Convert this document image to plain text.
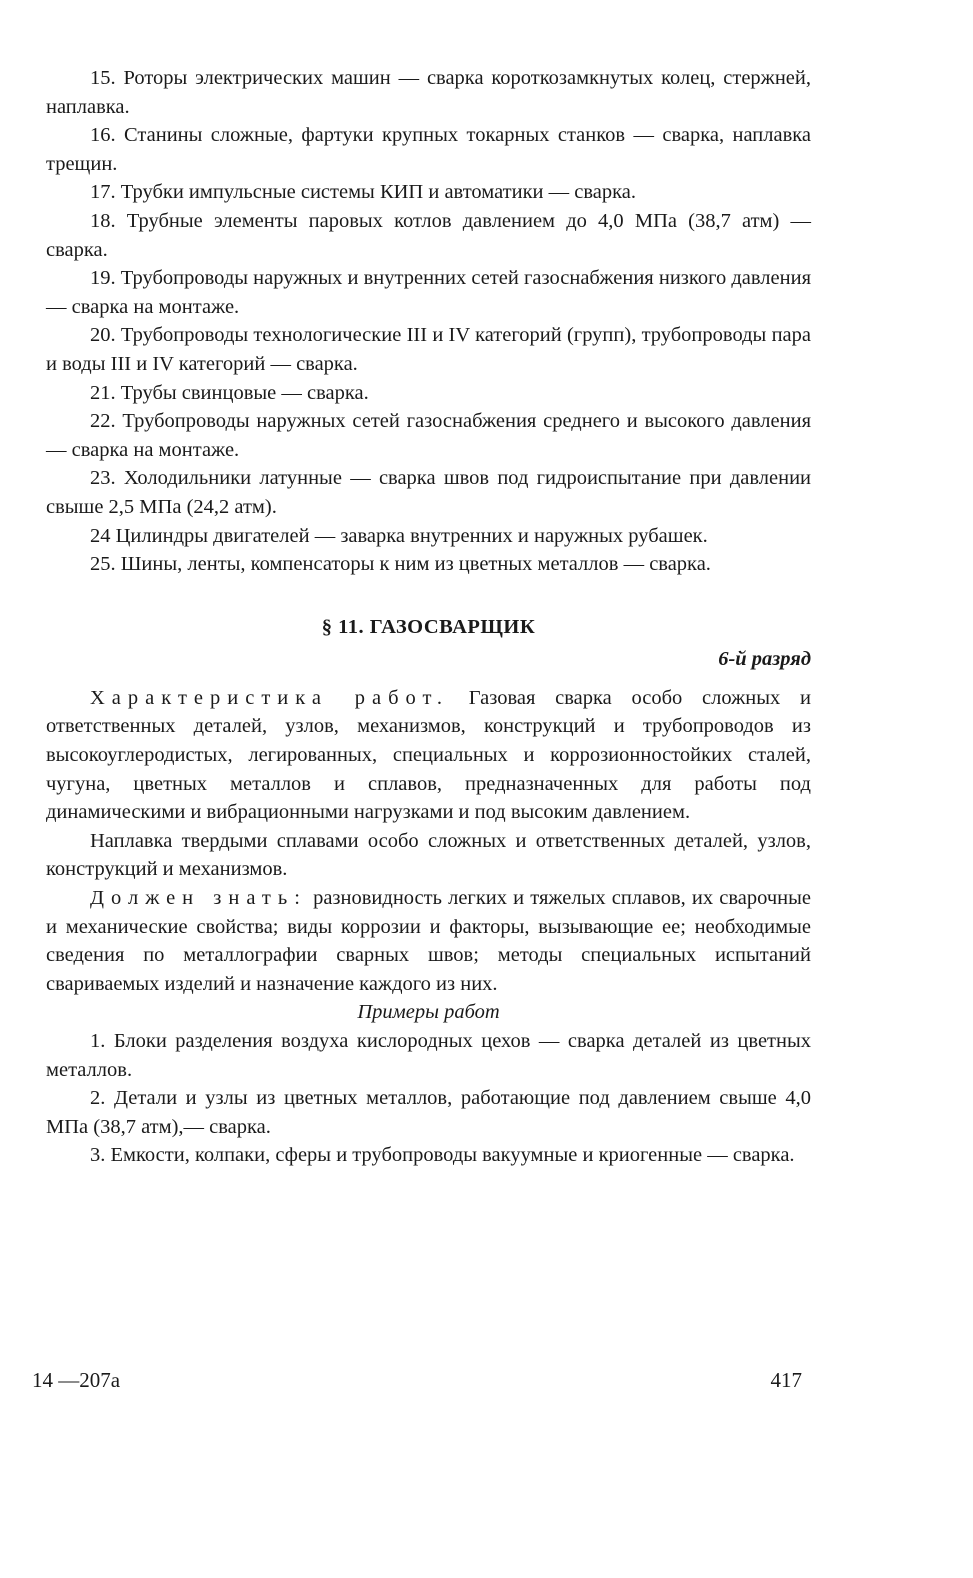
15. Роторы электрических машин — сварка короткозамкнутых колец, стержней, наплавка.

16. Станины сложные, фартуки крупных токарных станков — сварка, наплавка трещин.

17. Трубки импульсные системы КИП и автоматики — сварка.

18. Трубные элементы паровых котлов давлением до 4,0 МПа (38,7 атм) — сварка.

19. Трубопроводы наружных и внутренних сетей газоснабжения низкого давления — сварка на монтаже.

20. Трубопроводы технологические III и IV категорий (групп), трубопроводы пара и воды III и IV категорий — сварка.

21. Трубы свинцовые — сварка.

22. Трубопроводы наружных сетей газоснабжения среднего и высокого давления — сварка на монтаже.

23. Холодильники латунные — сварка швов под гидроиспытание при давлении свыше 2,5 МПа (24,2 атм).

24 Цилиндры двигателей — заварка внутренних и наружных рубашек.

25. Шины, ленты, компенсаторы к ним из цветных металлов — сварка.

§ 11. ГАЗОСВАРЩИК

6-й разряд

Характеристика работ. Газовая сварка особо сложных и ответственных деталей, узлов, механизмов, конструкций и трубопроводов из высокоуглеродистых, легированных, специальных и коррозионностойких сталей, чугуна, цветных металлов и сплавов, предназначенных для работы под динамическими и вибрационными нагрузками и под высоким давлением.

Наплавка твердыми сплавами особо сложных и ответственных деталей, узлов, конструкций и механизмов.

Должен знать: разновидность легких и тяжелых сплавов, их сварочные и механические свойства; виды коррозии и факторы, вызывающие ее; необходимые сведения по металлографии сварных швов; методы специальных испытаний свариваемых изделий и назначение каждого из них.

Примеры работ

1. Блоки разделения воздуха кислородных цехов — сварка деталей из цветных металлов.

2. Детали и узлы из цветных металлов, работающие под давлением свыше 4,0 МПа (38,7 атм),— сварка.

3. Емкости, колпаки, сферы и трубопроводы вакуумные и криогенные — сварка.

14 —207а	417
